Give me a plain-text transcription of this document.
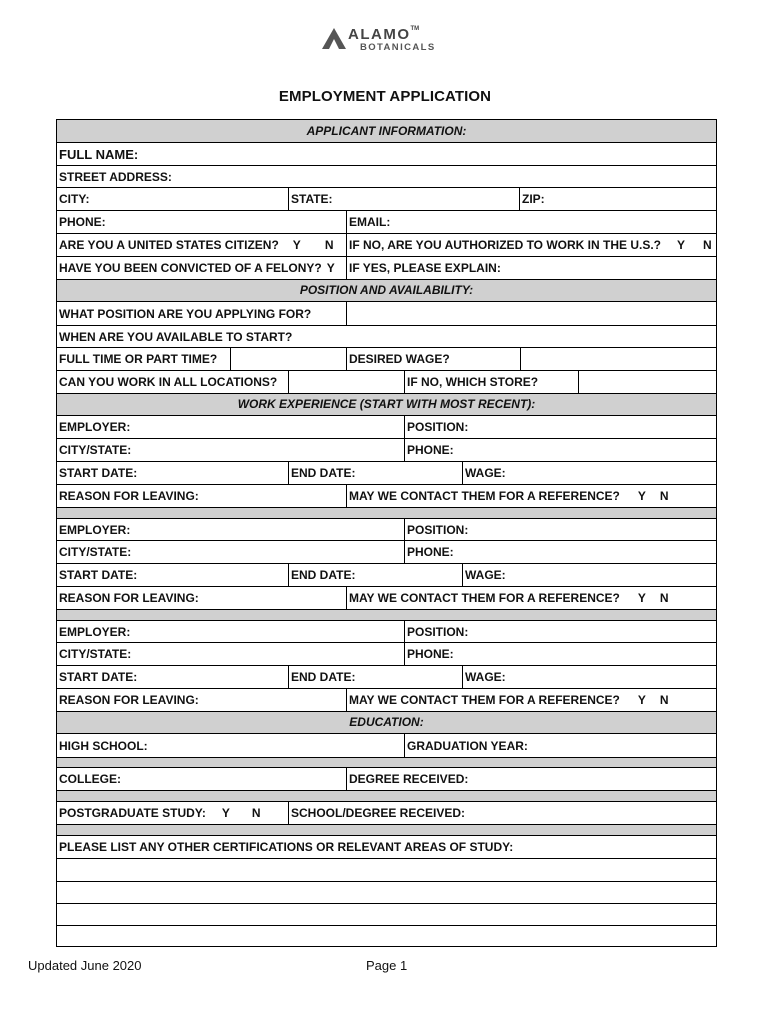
ALAMO™
BOTANICALS
EMPLOYMENT APPLICATION
APPLICANT INFORMATION:
FULL NAME:
STREET ADDRESS:
CITY:	STATE:	ZIP:
PHONE:	EMAIL:
ARE YOU A UNITED STATES CITIZEN? Y N IF NO, ARE YOU AUTHORIZED TO WORK IN THE U.S.? Y N
HAVE YOU BEEN CONVICTED OF A FELONY? Y IF YES, PLEASE EXPLAIN:
POSITION AND AVAILABILITY:
WHAT POSITION ARE YOU APPLYING FOR?
WHEN ARE YOU AVAILABLE TO START?
FULL TIME OR PART TIME?	DESIRED WAGE?
CAN YOU WORK IN ALL LOCATIONS?	IF NO, WHICH STORE?
WORK EXPERIENCE (START WITH MOST RECENT):
EMPLOYER:	POSITION:
CITY/STATE:	PHONE:
START DATE:	END DATE:	WAGE:
REASON FOR LEAVING:	MAY WE CONTACT THEM FOR A REFERENCE? Y N
EMPLOYER:	POSITION:
CITY/STATE:	PHONE:
START DATE:	END DATE:	WAGE:
REASON FOR LEAVING:	MAY WE CONTACT THEM FOR A REFERENCE? Y N
EMPLOYER:	POSITION:
CITY/STATE:	PHONE:
START DATE:	END DATE:	WAGE:
REASON FOR LEAVING:	MAY WE CONTACT THEM FOR A REFERENCE? Y N
EDUCATION:
HIGH SCHOOL:	GRADUATION YEAR:
COLLEGE:	DEGREE RECEIVED:
POSTGRADUATE STUDY: Y N	SCHOOL/DEGREE RECEIVED:
PLEASE LIST ANY OTHER CERTIFICATIONS OR RELEVANT AREAS OF STUDY:
Updated June 2020	Page 1
